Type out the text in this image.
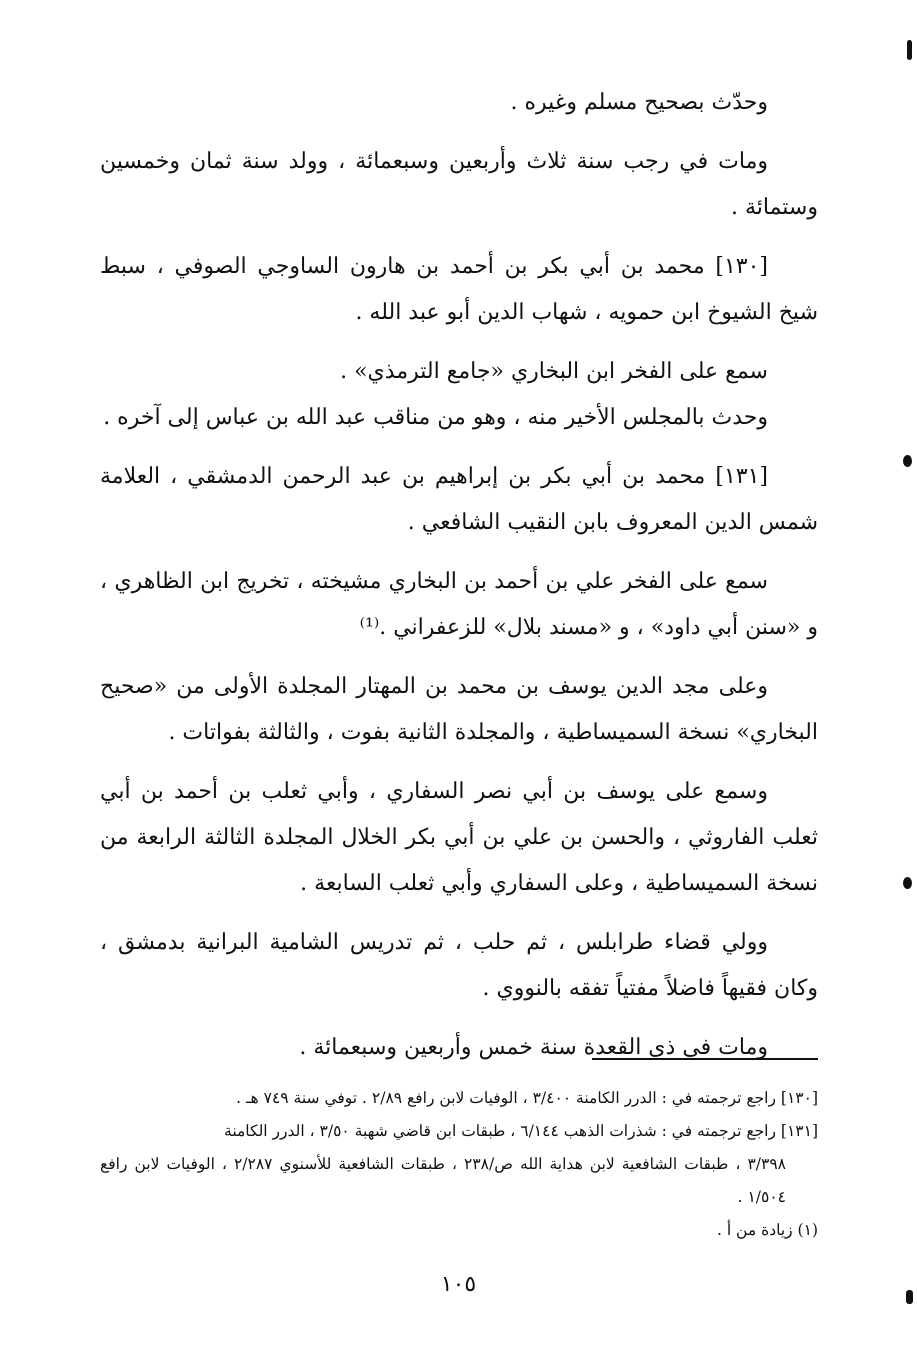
وحدّث بصحيح مسلم وغيره .

ومات في رجب سنة ثلاث وأربعين وسبعمائة ، وولد سنة ثمان وخمسين وستمائة .

[١٣٠] محمد بن أبي بكر بن أحمد بن هارون الساوجي الصوفي ، سبط شيخ الشيوخ ابن حمويه ، شهاب الدين أبو عبد الله .

سمع على الفخر ابن البخاري «جامع الترمذي» .

وحدث بالمجلس الأخير منه ، وهو من مناقب عبد الله بن عباس إلى آخره .

[١٣١] محمد بن أبي بكر بن إبراهيم بن عبد الرحمن الدمشقي ، العلامة شمس الدين المعروف بابن النقيب الشافعي .

سمع على الفخر علي بن أحمد بن البخاري مشيخته ، تخريج ابن الظاهري ، و «سنن أبي داود» ، و «مسند بلال» للزعفراني .⁽¹⁾

وعلى مجد الدين يوسف بن محمد بن المهتار المجلدة الأولى من «صحيح البخاري» نسخة السميساطية ، والمجلدة الثانية بفوت ، والثالثة بفواتات .

وسمع على يوسف بن أبي نصر السفاري ، وأبي ثعلب بن أحمد بن أبي ثعلب الفاروثي ، والحسن بن علي بن أبي بكر الخلال المجلدة الثالثة الرابعة من نسخة السميساطية ، وعلى السفاري وأبي ثعلب السابعة .

وولي قضاء طرابلس ، ثم حلب ، ثم تدريس الشامية البرانية بدمشق ، وكان فقيهاً فاضلاً مفتياً تفقه بالنووي .

ومات في ذي القعدة سنة خمس وأربعين وسبعمائة .

[١٣٠] راجع ترجمته في : الدرر الكامنة ٣/٤٠٠ ، الوفيات لابن رافع ٢/٨٩ . توفي سنة ٧٤٩ هـ .

[١٣١] راجع ترجمته في : شذرات الذهب ٦/١٤٤ ، طبقات ابن قاضي شهبة ٣/٥٠ ، الدرر الكامنة
٣/٣٩٨ ، طبقات الشافعية لابن هداية الله ص/٢٣٨ ، طبقات الشافعية للأسنوي ٢/٢٨٧ ، الوفيات لابن رافع ١/٥٠٤ .

(١) زيادة من أ .

١٠٥
